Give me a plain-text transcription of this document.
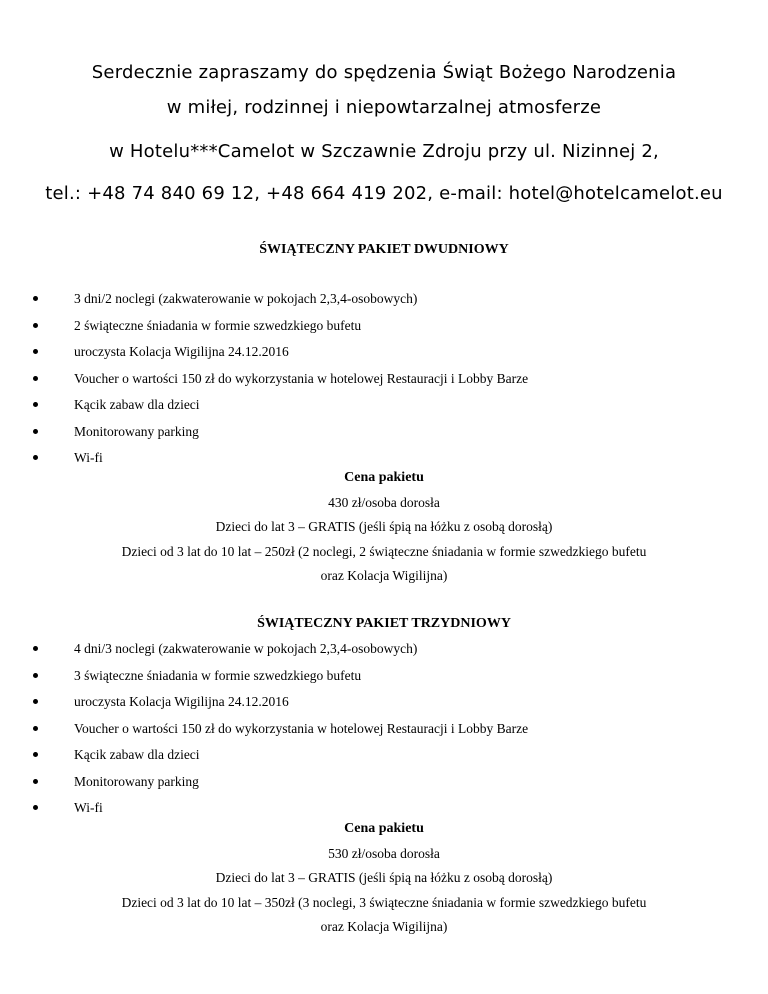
Serdecznie zapraszamy do spędzenia Świąt Bożego Narodzenia
w miłej, rodzinnej i niepowtarzalnej atmosferze
w Hotelu***Camelot w Szczawnie Zdroju przy ul. Nizinnej 2,
tel.: +48 74 840 69 12, +48 664 419 202, e-mail: hotel@hotelcamelot.eu
ŚWIĄTECZNY PAKIET DWUDNIOWY
3 dni/2 noclegi (zakwaterowanie w pokojach 2,3,4-osobowych)
2 świąteczne śniadania w formie szwedzkiego bufetu
uroczysta Kolacja Wigilijna 24.12.2016
Voucher o wartości 150 zł do wykorzystania w hotelowej Restauracji i Lobby Barze
Kącik zabaw dla dzieci
Monitorowany parking
Wi-fi
Cena pakietu
430 zł/osoba dorosła
Dzieci do lat 3 – GRATIS (jeśli śpią na łóżku z osobą dorosłą)
Dzieci od 3 lat do 10 lat – 250zł (2 noclegi, 2 świąteczne śniadania w formie szwedzkiego bufetu
oraz Kolacja Wigilijna)
ŚWIĄTECZNY PAKIET TRZYDNIOWY
4 dni/3 noclegi (zakwaterowanie w pokojach 2,3,4-osobowych)
3 świąteczne śniadania w formie szwedzkiego bufetu
uroczysta Kolacja Wigilijna 24.12.2016
Voucher o wartości 150 zł do wykorzystania w hotelowej Restauracji i Lobby Barze
Kącik zabaw dla dzieci
Monitorowany parking
Wi-fi
Cena pakietu
530 zł/osoba dorosła
Dzieci do lat 3 – GRATIS (jeśli śpią na łóżku z osobą dorosłą)
Dzieci od 3 lat do 10 lat – 350zł (3 noclegi, 3 świąteczne śniadania w formie szwedzkiego bufetu
oraz Kolacja Wigilijna)
